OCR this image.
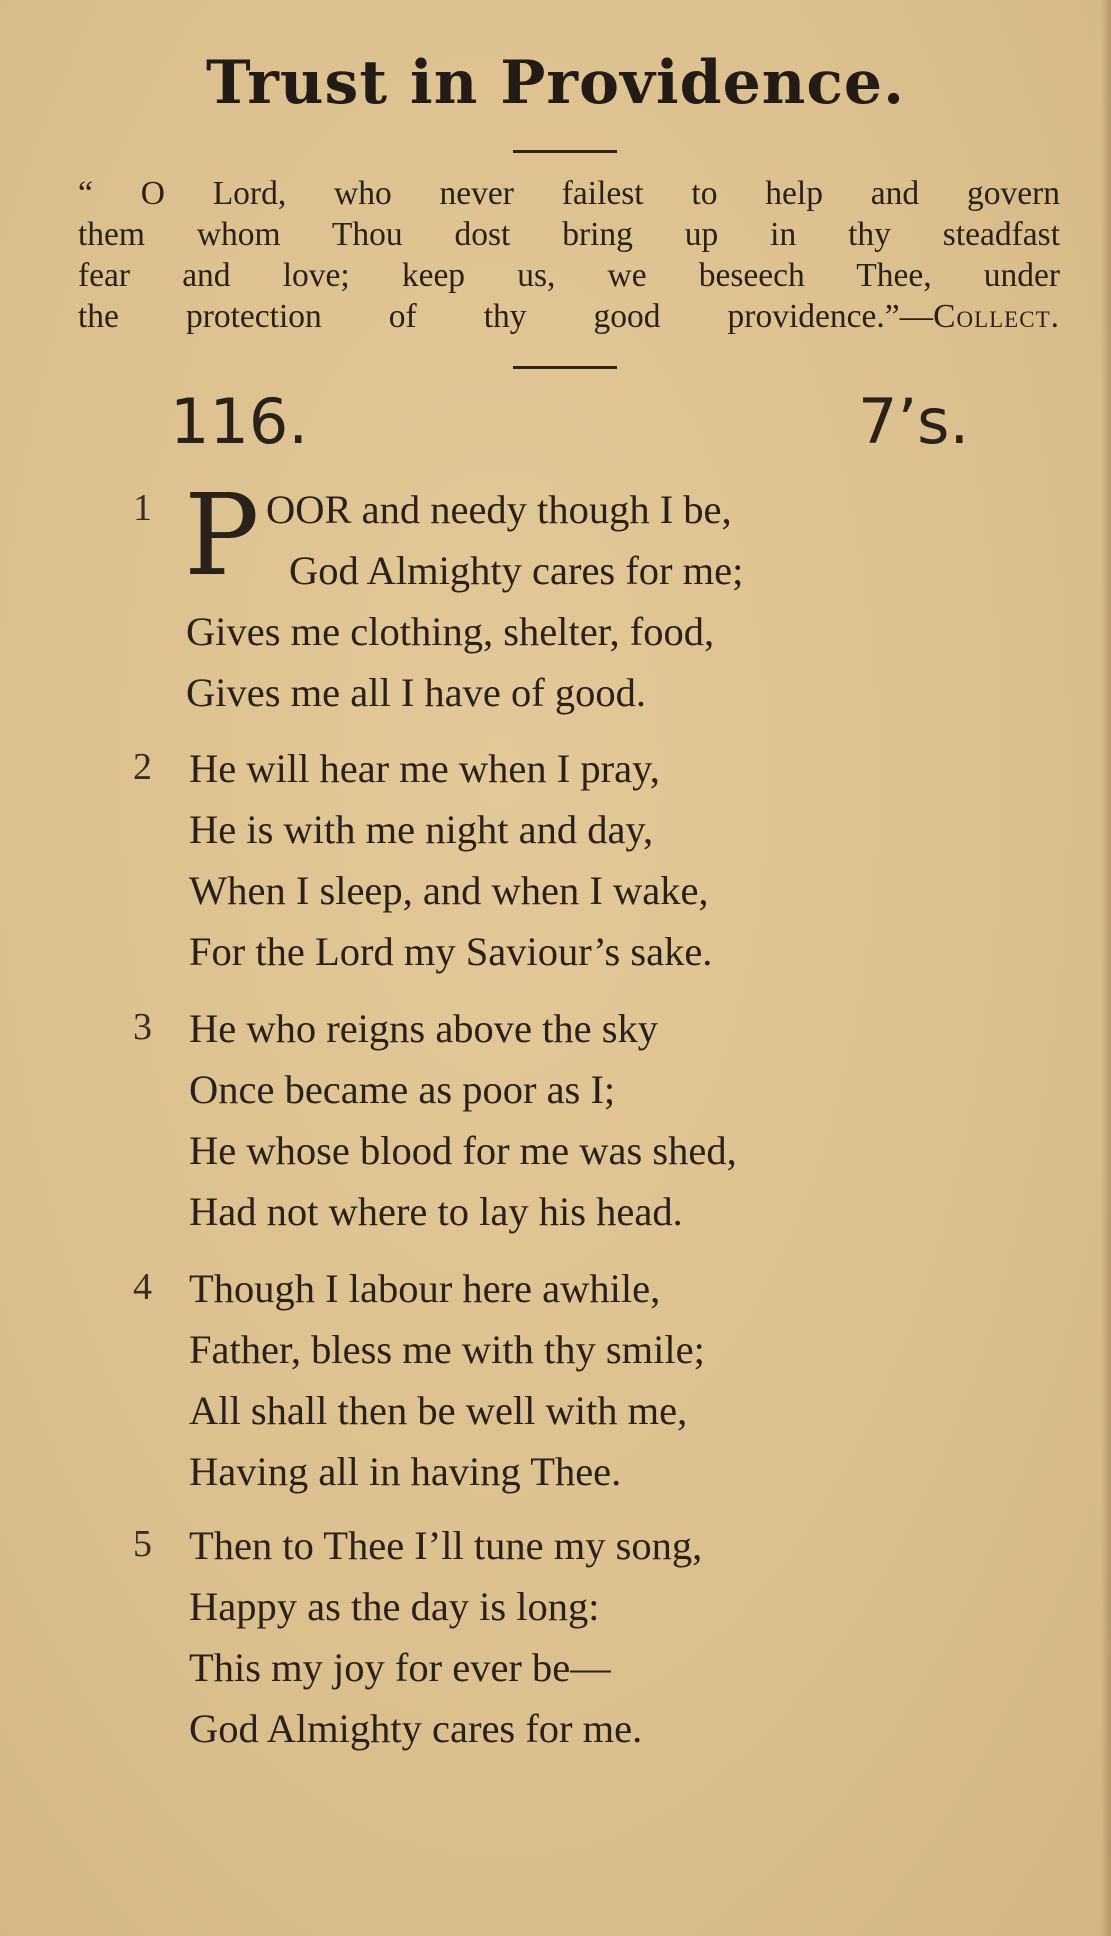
Trust in Providence.
“ O Lord, who never failest to help and govern
them whom Thou dost bring up in thy steadfast
fear and love; keep us, we beseech Thee, under
the protection of thy good providence.”—Collect.
116.	7’s.
1 P OOR and needy though I be,
God Almighty cares for me;
Gives me clothing, shelter, food,
Gives me all I have of good.
2 He will hear me when I pray,
He is with me night and day,
When I sleep, and when I wake,
For the Lord my Saviour’s sake.
3 He who reigns above the sky
Once became as poor as I;
He whose blood for me was shed,
Had not where to lay his head.
4 Though I labour here awhile,
Father, bless me with thy smile;
All shall then be well with me,
Having all in having Thee.
5 Then to Thee I’ll tune my song,
Happy as the day is long:
This my joy for ever be—
God Almighty cares for me.
